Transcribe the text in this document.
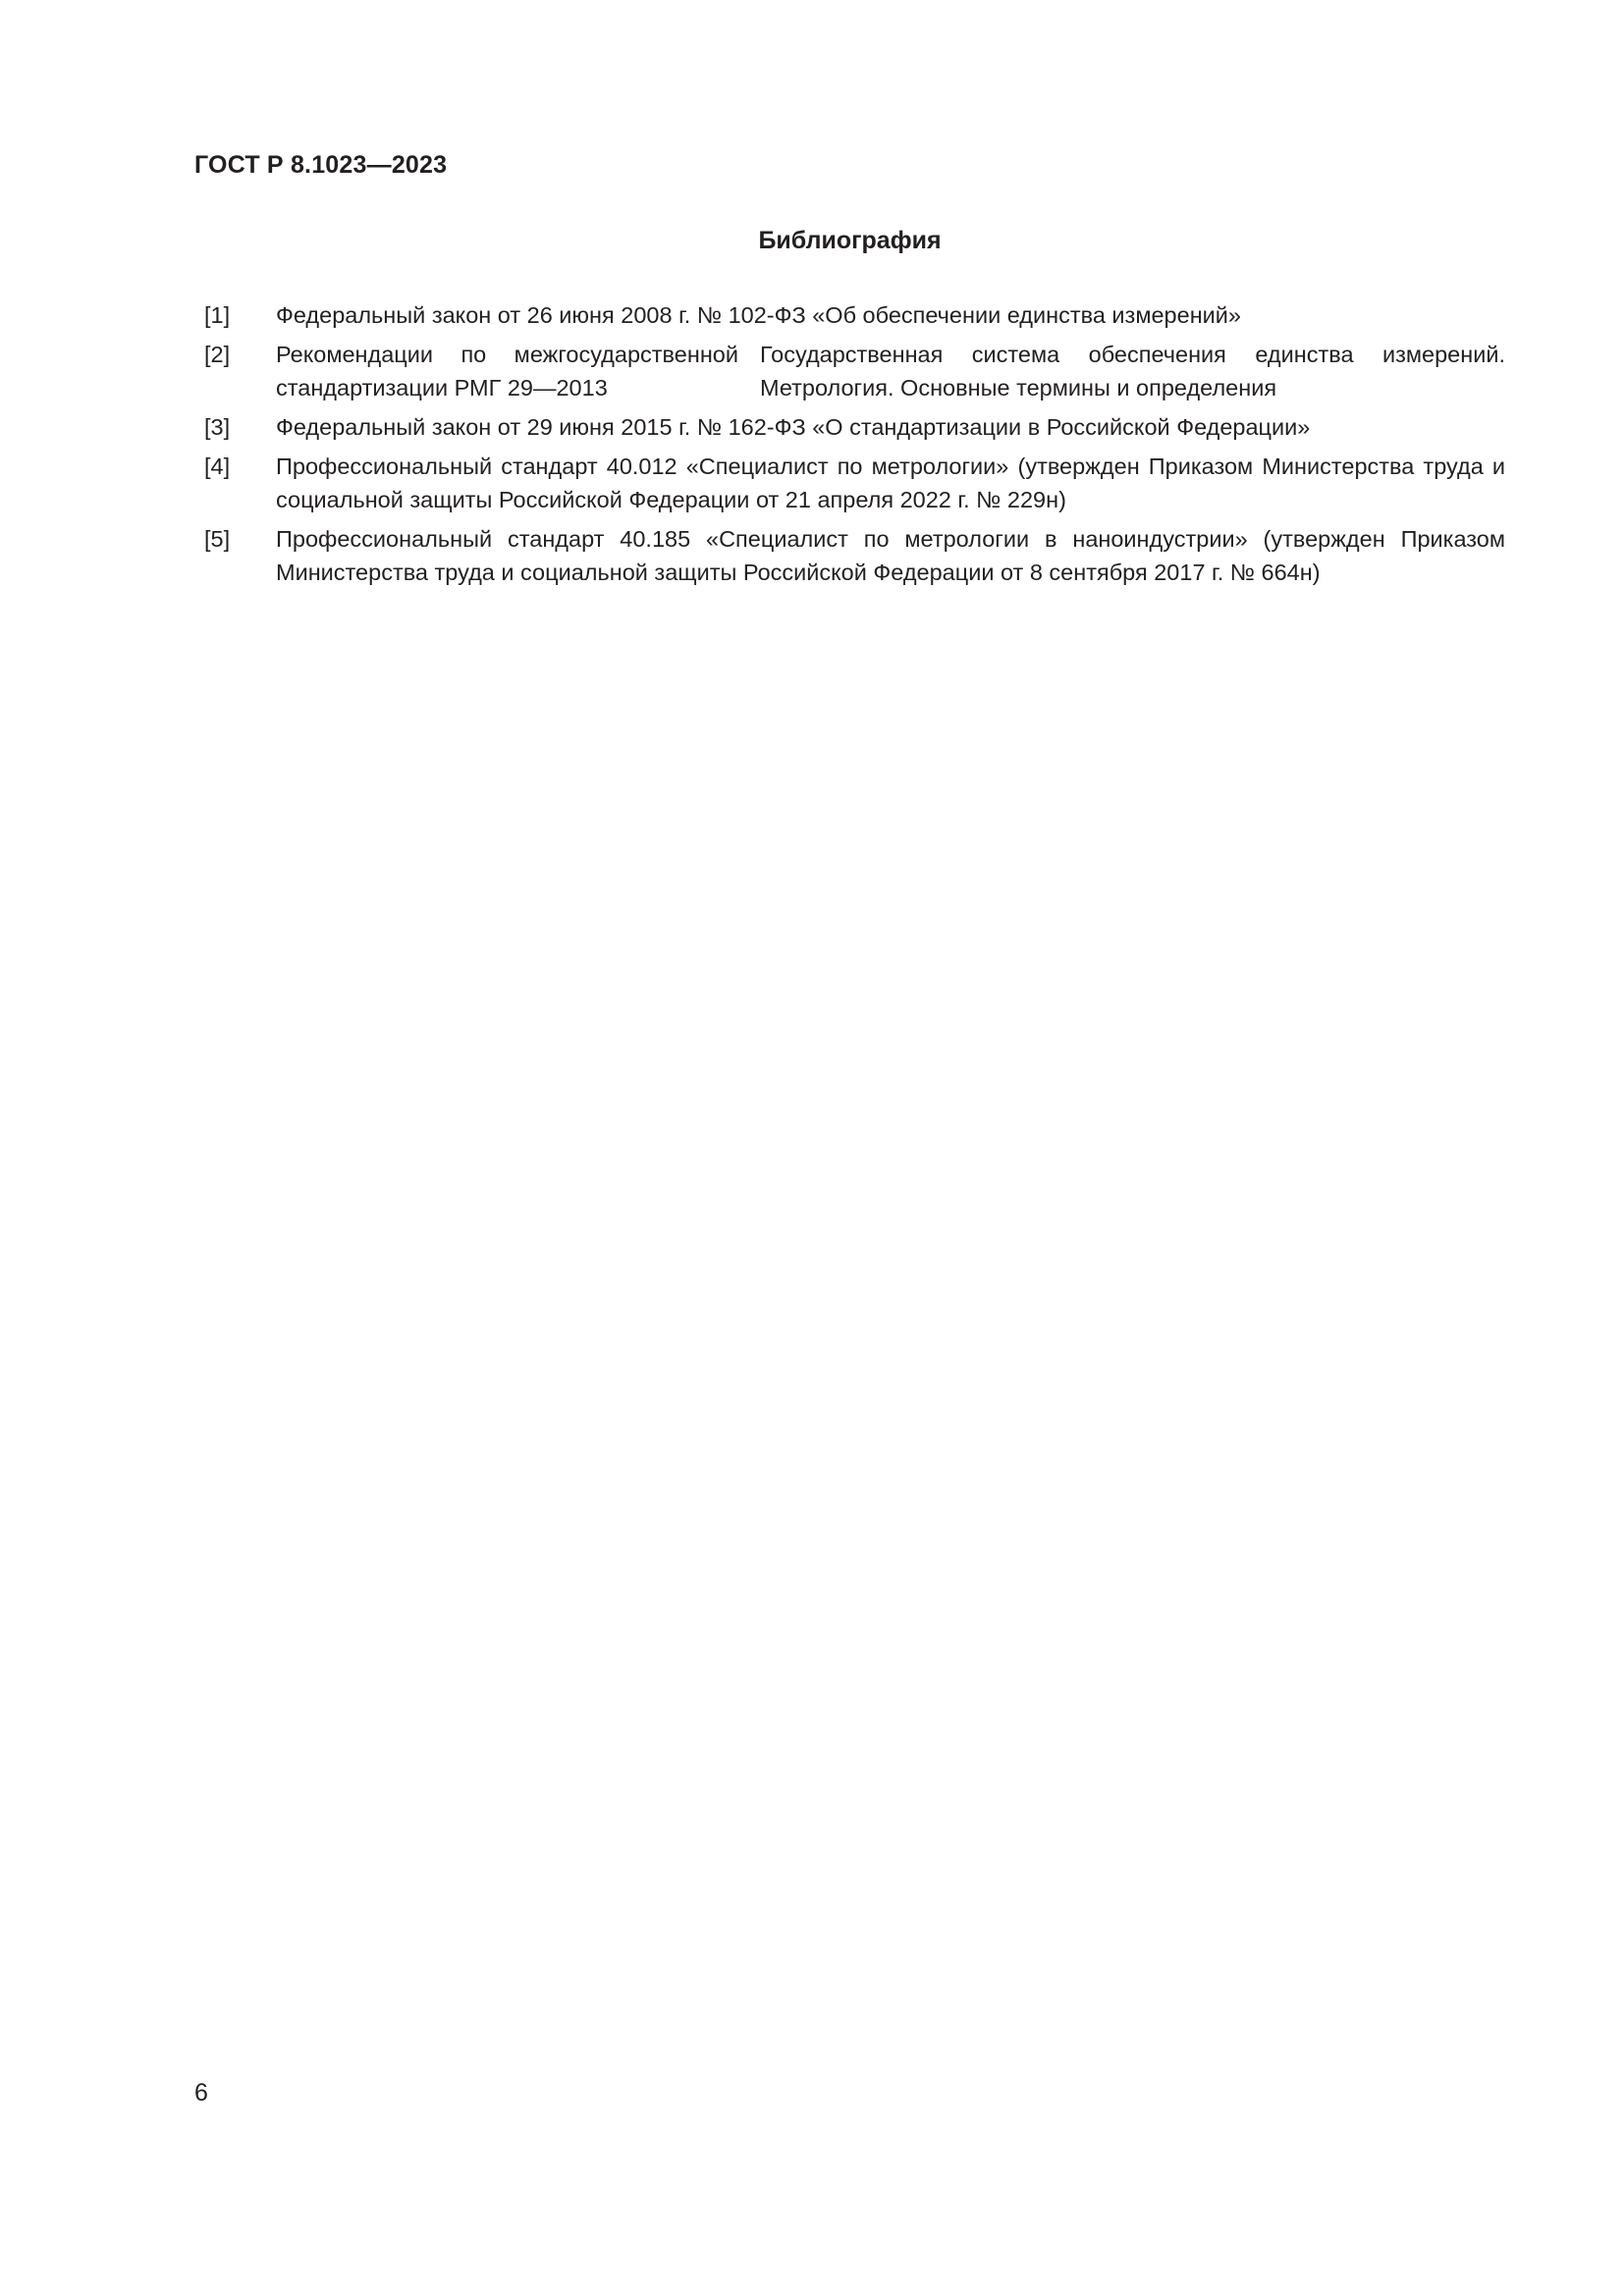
ГОСТ Р 8.1023—2023
Библиография
[1] Федеральный закон от 26 июня 2008 г. № 102-ФЗ «Об обеспечении единства измерений»
[2] Рекомендации по межгосударственной стандартизации РМГ 29—2013
Государственная система обеспечения единства измерений. Метрология. Основные термины и определения
[3] Федеральный закон от 29 июня 2015 г. № 162-ФЗ «О стандартизации в Российской Федерации»
[4] Профессиональный стандарт 40.012 «Специалист по метрологии» (утвержден Приказом Министерства труда и социальной защиты Российской Федерации от 21 апреля 2022 г. № 229н)
[5] Профессиональный стандарт 40.185 «Специалист по метрологии в наноиндустрии» (утвержден Приказом Министерства труда и социальной защиты Российской Федерации от 8 сентября 2017 г. № 664н)
6
